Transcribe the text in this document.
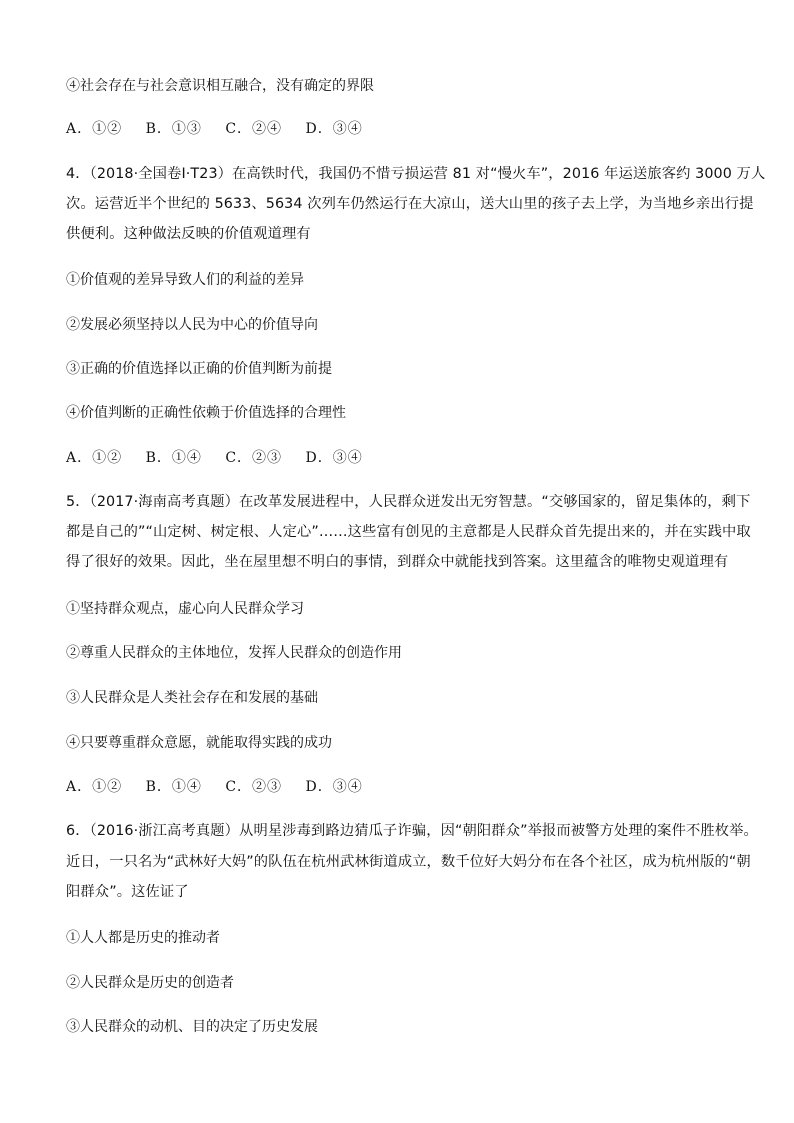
④社会存在与社会意识相互融合，没有确定的界限
A．①② B．①③ C．②④ D．③④
4．（2018·全国卷Ⅰ·T23）在高铁时代，我国仍不惜亏损运营 81 对“慢火车”，2016 年运送旅客约 3000 万人
次。运营近半个世纪的 5633、5634 次列车仍然运行在大凉山，送大山里的孩子去上学，为当地乡亲出行提
供便利。这种做法反映的价值观道理有
①价值观的差异导致人们的利益的差异
②发展必须坚持以人民为中心的价值导向
③正确的价值选择以正确的价值判断为前提
④价值判断的正确性依赖于价值选择的合理性
A．①② B．①④ C．②③ D．③④
5．（2017·海南高考真题）在改革发展进程中，人民群众迸发出无穷智慧。“交够国家的，留足集体的，剩下
都是自己的”“山定树、树定根、人定心”……这些富有创见的主意都是人民群众首先提出来的，并在实践中取
得了很好的效果。因此，坐在屋里想不明白的事情，到群众中就能找到答案。这里蕴含的唯物史观道理有
①坚持群众观点，虚心向人民群众学习
②尊重人民群众的主体地位，发挥人民群众的创造作用
③人民群众是人类社会存在和发展的基础
④只要尊重群众意愿，就能取得实践的成功
A．①② B．①④ C．②③ D．③④
6．（2016·浙江高考真题）从明星涉毒到路边猜瓜子诈骗，因“朝阳群众”举报而被警方处理的案件不胜枚举。
近日，一只名为“武林好大妈”的队伍在杭州武林街道成立，数千位好大妈分布在各个社区，成为杭州版的“朝
阳群众”。这佐证了
①人人都是历史的推动者
②人民群众是历史的创造者
③人民群众的动机、目的决定了历史发展
